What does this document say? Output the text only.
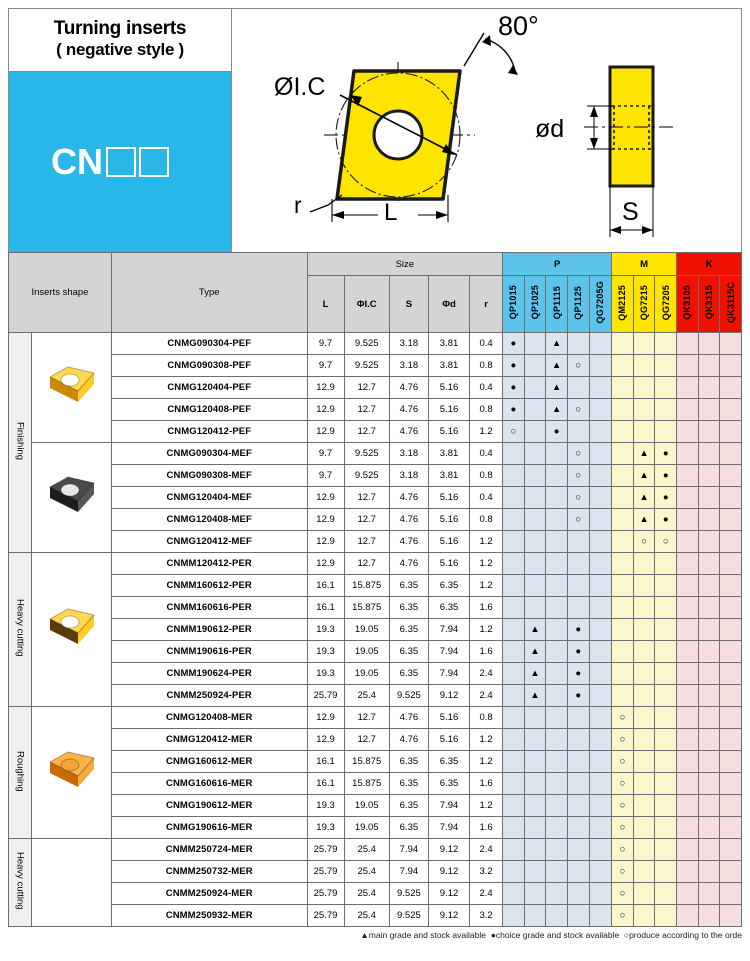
Turning inserts
( negative style )
CN
ØI.C
r
80°
L
ød
S
Inserts shape		Type	Size					P					M			K		
			L	ΦI.C	S	Φd	r	QP1015	QP1025	QP1115	QP1125	QG7205G	QM2125	QG7215	QG7205	QK3105	QK3115	QK3115C
Finishing		CNMG090304-PEF	9.7	9.525	3.18	3.81	0.4	●		▲								
		CNMG090308-PEF	9.7	9.525	3.18	3.81	0.8	●		▲	○							
		CNMG120404-PEF	12.9	12.7	4.76	5.16	0.4	●		▲								
		CNMG120408-PEF	12.9	12.7	4.76	5.16	0.8	●		▲	○							
		CNMG120412-PEF	12.9	12.7	4.76	5.16	1.2	○		●								

	CNMG090304-MEF	9.7	9.525	3.18	3.81	0.4				○			▲	●			
		CNMG090308-MEF	9.7	9.525	3.18	3.81	0.8				○			▲	●			
		CNMG120404-MEF	12.9	12.7	4.76	5.16	0.4				○			▲	●			
		CNMG120408-MEF	12.9	12.7	4.76	5.16	0.8				○			▲	●			
		CNMG120412-MEF	12.9	12.7	4.76	5.16	1.2							○	○			
Heavy cutting		CNMM120412-PER	12.9	12.7	4.76	5.16	1.2											
		CNMM160612-PER	16.1	15.875	6.35	6.35	1.2											
		CNMM160616-PER	16.1	15.875	6.35	6.35	1.6											
		CNMM190612-PER	19.3	19.05	6.35	7.94	1.2		▲		●							
		CNMM190616-PER	19.3	19.05	6.35	7.94	1.6		▲		●							
		CNMM190624-PER	19.3	19.05	6.35	7.94	2.4		▲		●							
		CNMM250924-PER	25.79	25.4	9.525	9.12	2.4		▲		●							
Roughing		CNMG120408-MER	12.9	12.7	4.76	5.16	0.8						○					
		CNMG120412-MER	12.9	12.7	4.76	5.16	1.2						○					
		CNMG160612-MER	16.1	15.875	6.35	6.35	1.2						○					
		CNMG160616-MER	16.1	15.875	6.35	6.35	1.6						○					
		CNMG190612-MER	19.3	19.05	6.35	7.94	1.2						○					
		CNMG190616-MER	19.3	19.05	6.35	7.94	1.6						○					
Heavy cutting		CNMM250724-MER	25.79	25.4	7.94	9.12	2.4						○					
		CNMM250732-MER	25.79	25.4	7.94	9.12	3.2						○					
		CNMM250924-MER	25.79	25.4	9.525	9.12	2.4						○					
		CNMM250932-MER	25.79	25.4	9.525	9.12	3.2						○					
▲main grade and stock available ●choice grade and stock available ○produce according to the orde
